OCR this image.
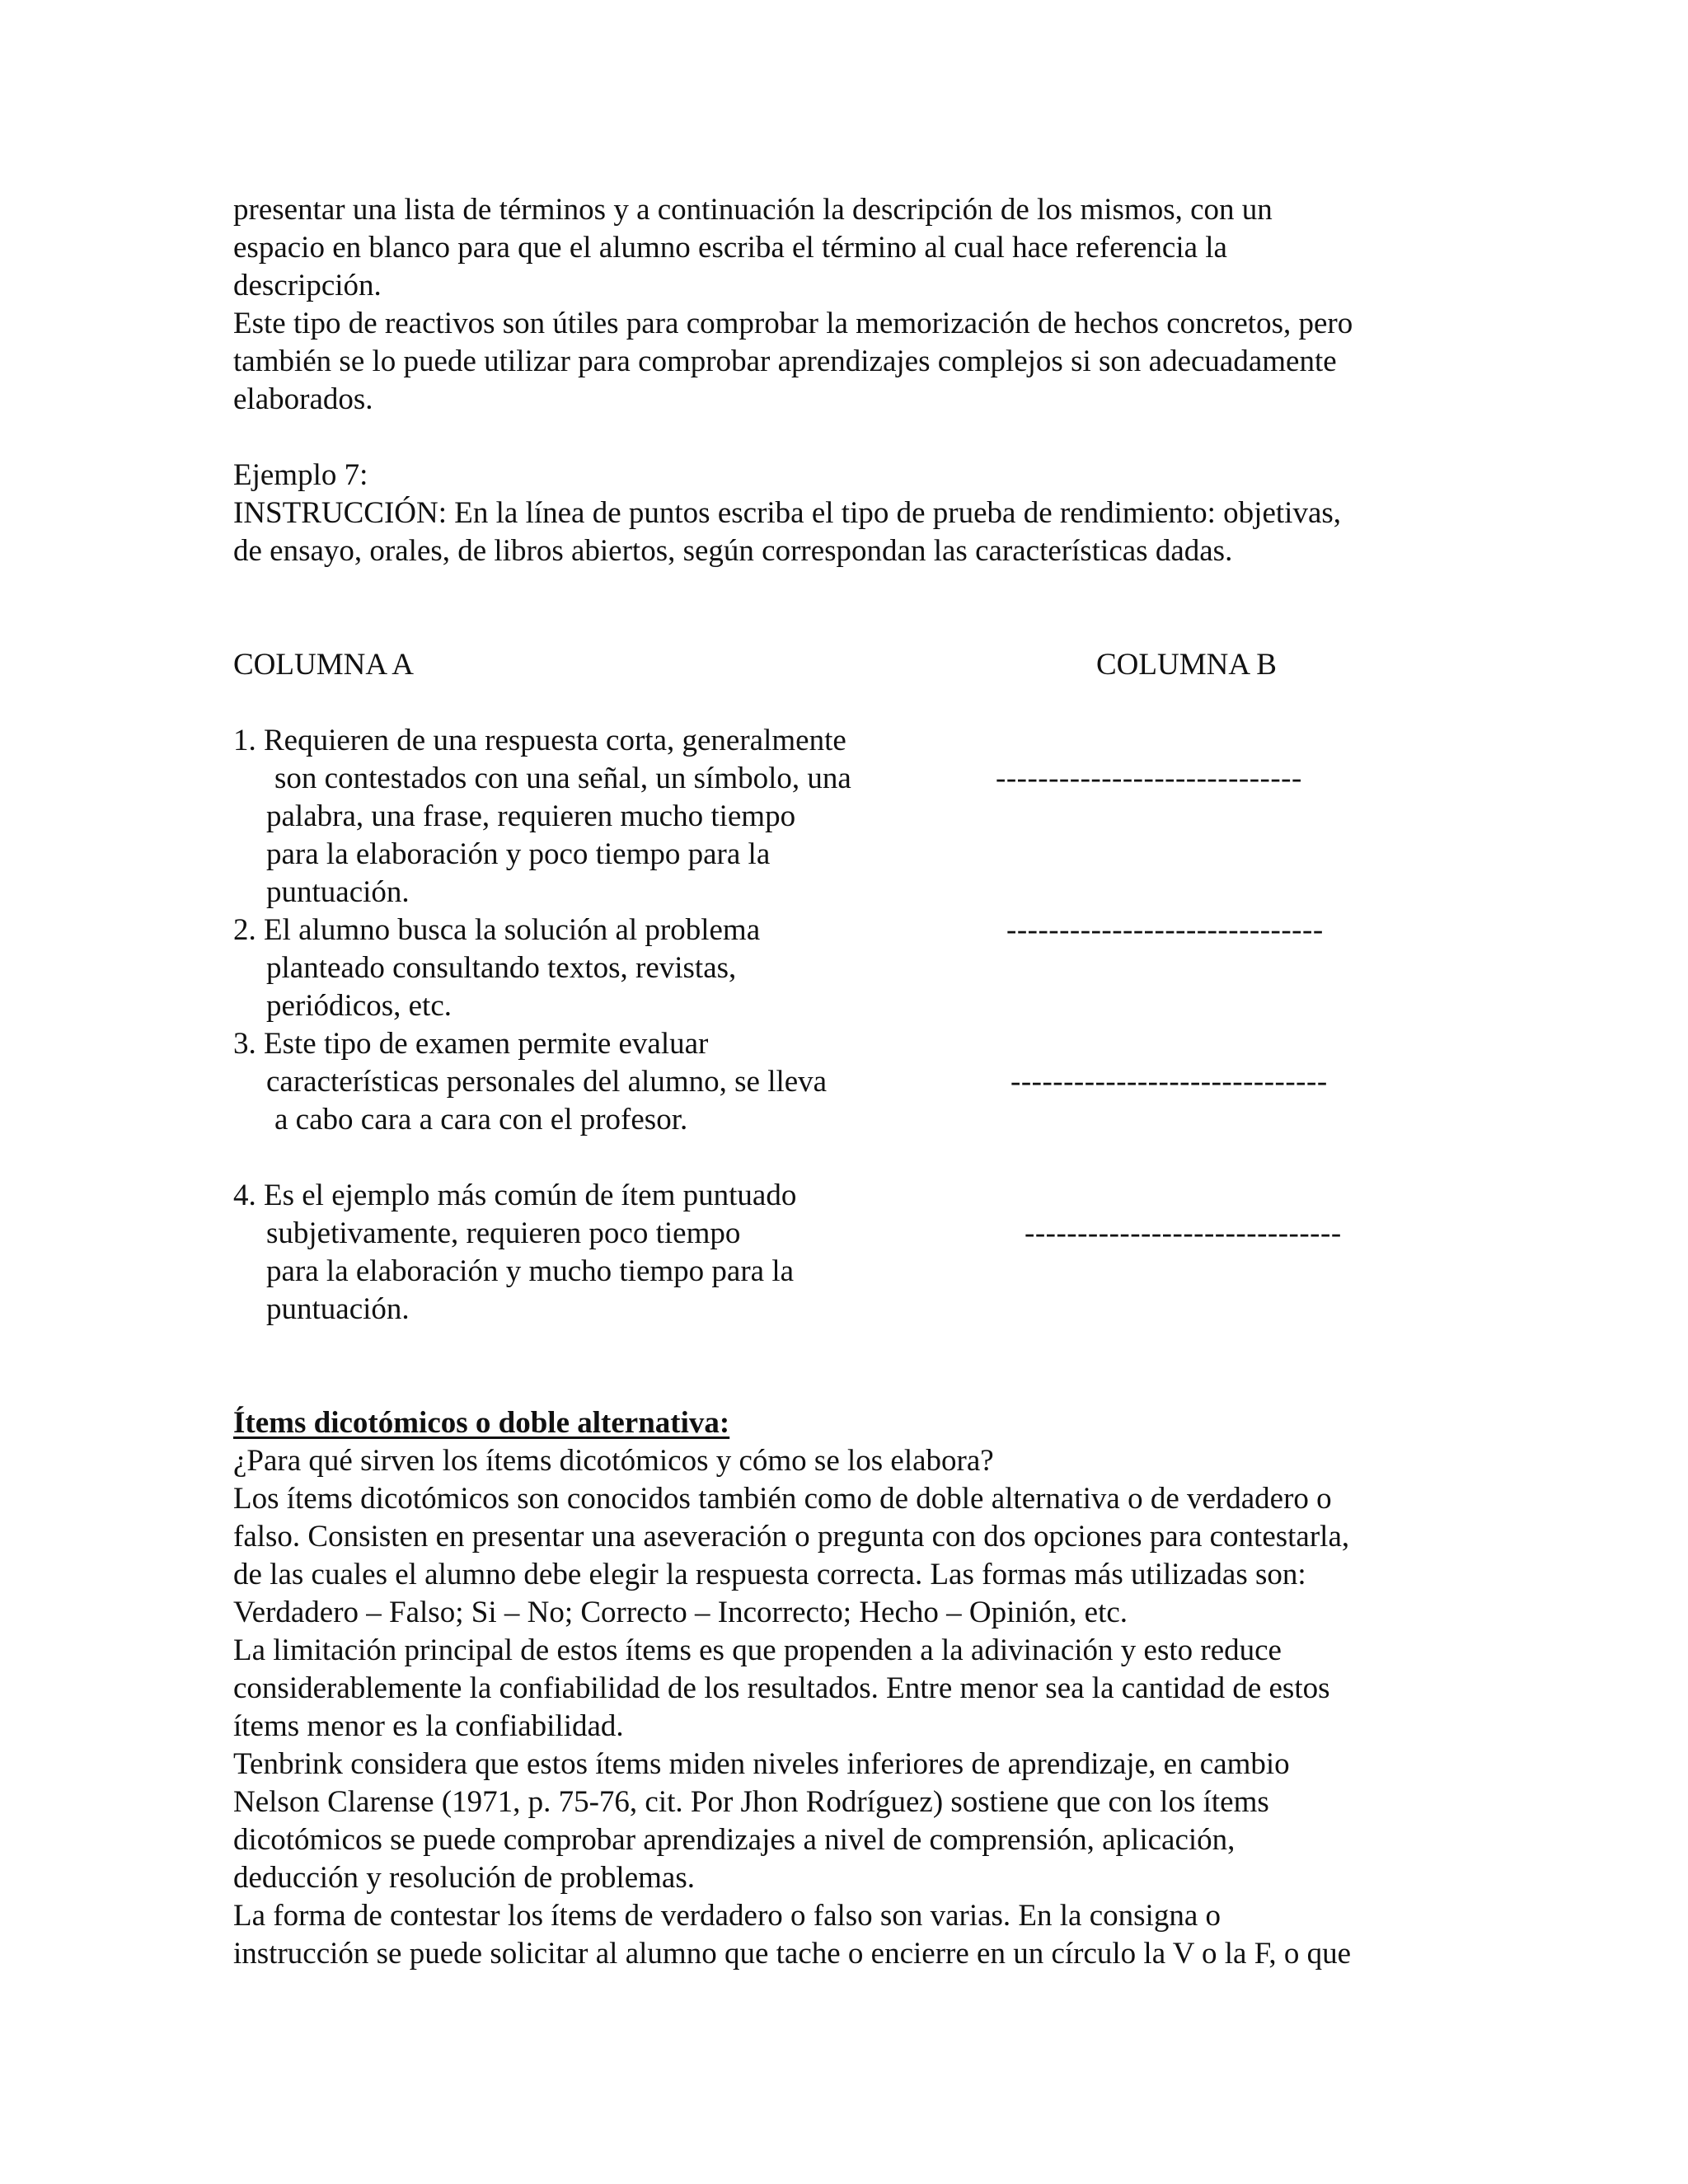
presentar una lista de términos y a continuación la descripción de los mismos, con un
espacio en blanco para que el alumno escriba el término al cual hace referencia la
descripción.
Este tipo de reactivos son útiles para comprobar la memorización de hechos concretos, pero
también se lo puede utilizar para comprobar aprendizajes complejos si son adecuadamente
elaborados.
Ejemplo 7:
INSTRUCCIÓN: En la línea de puntos escriba el tipo de prueba de rendimiento: objetivas,
de ensayo, orales, de libros abiertos, según correspondan las características dadas.
COLUMNA A	COLUMNA B
1. Requieren de una respuesta corta, generalmente
son contestados con una señal, un símbolo, una
palabra, una frase, requieren mucho tiempo
para la elaboración y poco tiempo para la
puntuación.
-----------------------------
2. El alumno busca la solución al problema
planteado consultando textos, revistas,
periódicos, etc.
------------------------------
3. Este tipo de examen permite evaluar
características personales del alumno, se lleva
a cabo cara a cara con el profesor.
------------------------------
4. Es el ejemplo más común de ítem puntuado
subjetivamente, requieren poco tiempo
para la elaboración y mucho tiempo para la
puntuación.
------------------------------
Ítems dicotómicos o doble alternativa:
¿Para qué sirven los ítems dicotómicos y cómo se los elabora?
Los ítems dicotómicos son conocidos también como de doble alternativa o de verdadero o
falso. Consisten en presentar una aseveración o pregunta con dos opciones para contestarla,
de las cuales el alumno debe elegir la respuesta correcta. Las formas más utilizadas son:
Verdadero – Falso; Si – No; Correcto – Incorrecto; Hecho – Opinión, etc.
La limitación principal de estos ítems es que propenden a la adivinación y esto reduce
considerablemente la confiabilidad de los resultados. Entre menor sea la cantidad de estos
ítems menor es la confiabilidad.
Tenbrink considera que estos ítems miden niveles inferiores de aprendizaje, en cambio
Nelson Clarense (1971, p. 75-76, cit. Por Jhon Rodríguez) sostiene que con los ítems
dicotómicos se puede comprobar aprendizajes a nivel de comprensión, aplicación,
deducción y resolución de problemas.
La forma de contestar los ítems de verdadero o falso son varias. En la consigna o
instrucción se puede solicitar al alumno que tache o encierre en un círculo la V o la F, o que
